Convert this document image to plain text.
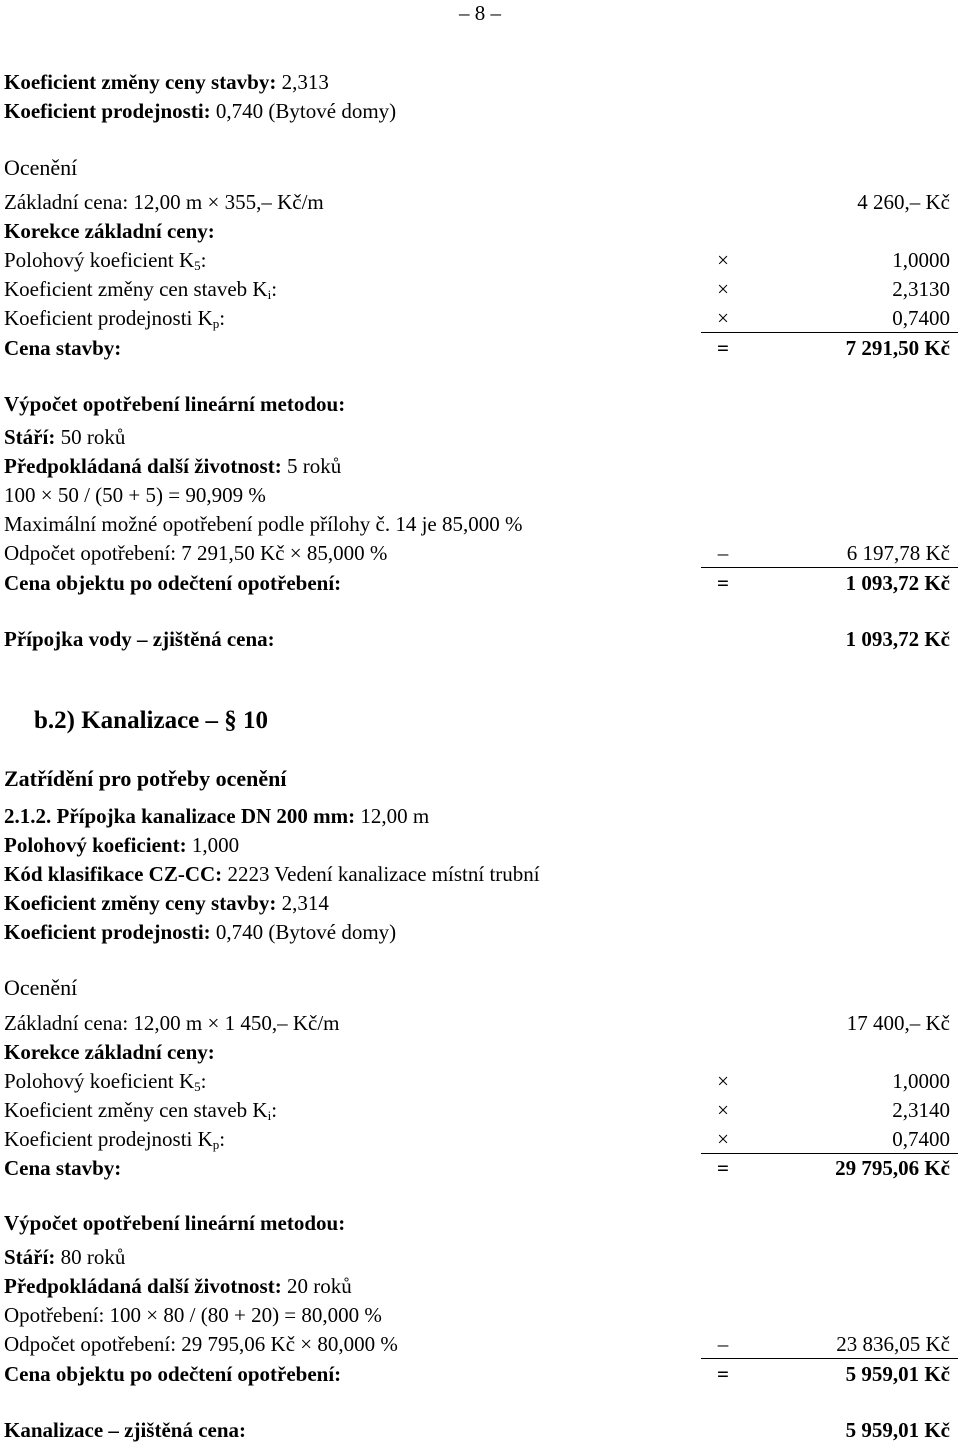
– 8 –
Koeficient změny ceny stavby: 2,313
Koeficient prodejnosti: 0,740 (Bytové domy)
Ocenění
Základní cena: 12,00 m × 355,– Kč/m	4 260,– Kč
Korekce základní ceny:
Polohový koeficient $K_5$:	×	1,0000
Koeficient změny cen staveb $K_i$:	×	2,3130
Koeficient prodejnosti $K_p$:	×	0,7400
Cena stavby:	=	7 291,50 Kč
Výpočet opotřebení lineární metodou:
Stáří: 50 roků
Předpokládaná další životnost: 5 roků
100 × 50 / (50 + 5) = 90,909 %
Maximální možné opotřebení podle přílohy č. 14 je 85,000 %
Odpočet opotřebení: 7 291,50 Kč × 85,000 %	–	6 197,78 Kč
Cena objektu po odečtení opotřebení:	=	1 093,72 Kč
Přípojka vody – zjištěná cena:	1 093,72 Kč
b.2) Kanalizace – § 10
Zatřídění pro potřeby ocenění
2.1.2. Přípojka kanalizace DN 200 mm: 12,00 m
Polohový koeficient: 1,000
Kód klasifikace CZ-CC: 2223 Vedení kanalizace místní trubní
Koeficient změny ceny stavby: 2,314
Koeficient prodejnosti: 0,740 (Bytové domy)
Ocenění
Základní cena: 12,00 m × 1 450,– Kč/m	17 400,– Kč
Korekce základní ceny:
Polohový koeficient $K_5$:	×	1,0000
Koeficient změny cen staveb $K_i$:	×	2,3140
Koeficient prodejnosti $K_p$:	×	0,7400
Cena stavby:	=	29 795,06 Kč
Výpočet opotřebení lineární metodou:
Stáří: 80 roků
Předpokládaná další životnost: 20 roků
Opotřebení: 100 × 80 / (80 + 20) = 80,000 %
Odpočet opotřebení: 29 795,06 Kč × 80,000 %	–	23 836,05 Kč
Cena objektu po odečtení opotřebení:	=	5 959,01 Kč
Kanalizace – zjištěná cena:	5 959,01 Kč
